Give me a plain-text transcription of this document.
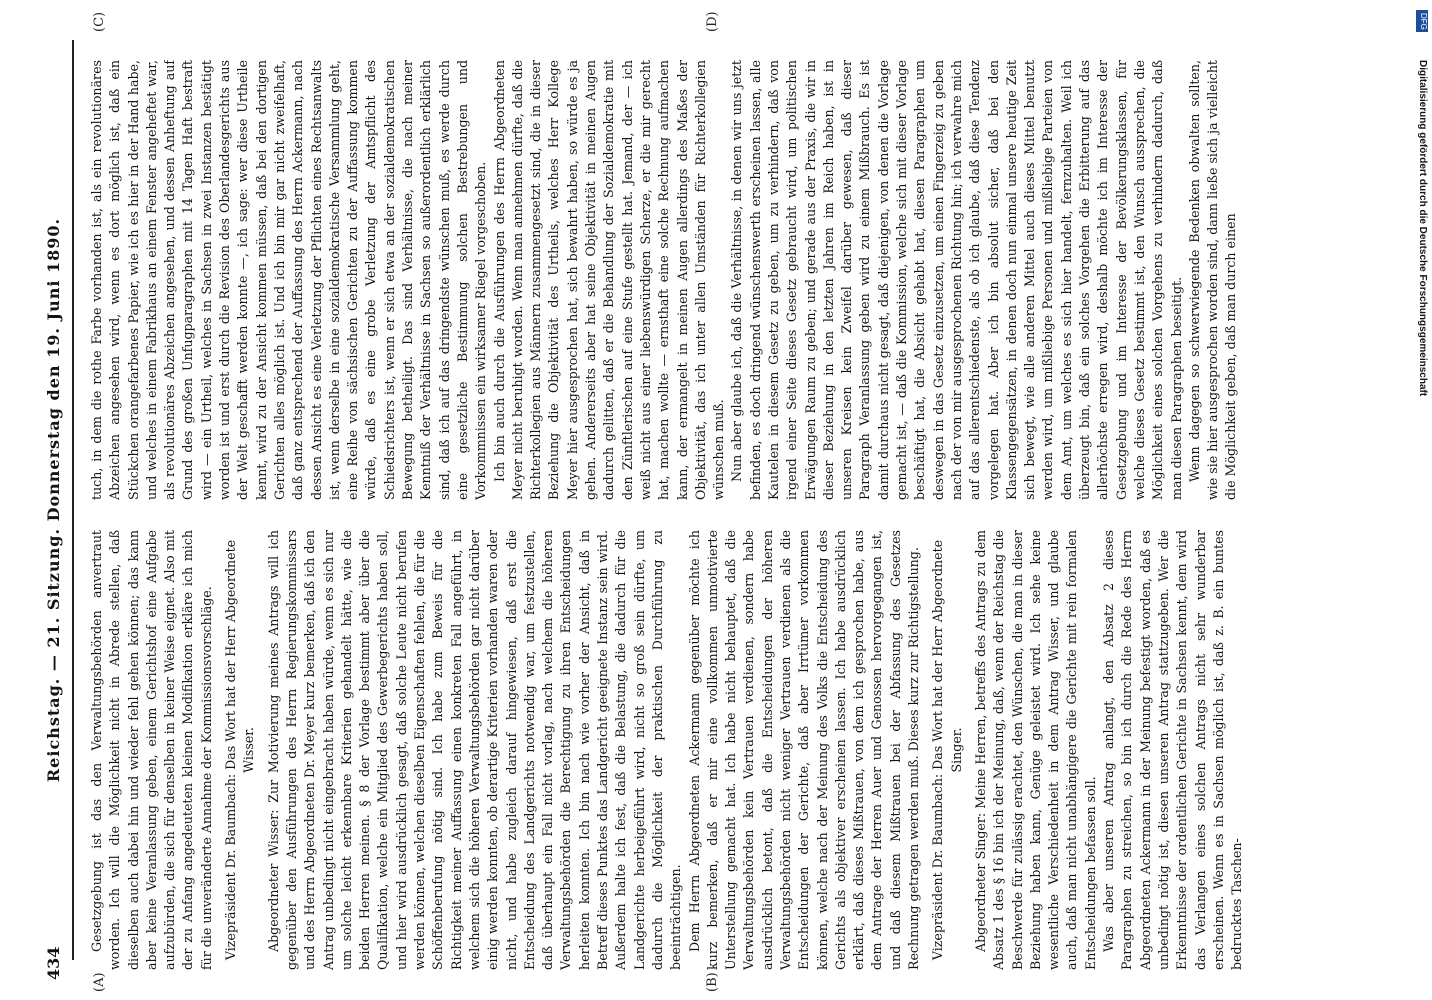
434
Reichstag. — 21. Sitzung. Donnerstag den 19. Juni 1890.
(A)	(B)
(C)	(D)

Gesetzgebung ist das den Verwaltungsbehörden anvertraut worden. Ich will die Möglichkeit nicht in Abrede stellen, daß dieselben auch dabei hin und wieder fehl gehen können; das kann aber keine Veranlassung geben, einem Gerichtshof eine Aufgabe aufzubürden, die sich für denselben in keiner Weise eignet. Also mit der zu Anfang angedeuteten kleinen Modifikation erkläre ich mich für die unveränderte Annahme der Kommissionsvorschläge. Vizepräsident Dr. Baumbach: Das Wort hat der Herr Abgeordnete Wisser. Abgeordneter Wisser: Zur Motivierung meines Antrags will ich gegenüber den Ausführungen des Herrn Regierungskommissars und des Herrn Abgeordneten Dr. Meyer kurz bemerken, daß ich den Antrag unbedingt nicht eingebracht haben würde, wenn es sich nur um solche leicht erkennbare Kriterien gehandelt hätte, wie die beiden Herren meinen. § 8 der Vorlage bestimmt aber über die Qualifikation, welche ein Mitglied des Gewerbegerichts haben soll, und hier wird ausdrücklich gesagt, daß solche Leute nicht berufen werden können, welchen dieselben Eigenschaften fehlen, die für die Schöffenberufung nötig sind. Ich habe zum Beweis für die Richtigkeit meiner Auffassung einen konkreten Fall angeführt, in welchem sich die höheren Verwaltungsbehörden gar nicht darüber einig werden konnten, ob derartige Kriterien vorhanden waren oder nicht, und habe zugleich darauf hingewiesen, daß erst die Entscheidung des Landgerichts notwendig war, um festzustellen, daß überhaupt ein Fall nicht vorlag, nach welchem die höheren Verwaltungsbehörden die Berechtigung zu ihren Entscheidungen herleiten konnten. Ich bin nach wie vorher der Ansicht, daß in Betreff dieses Punktes das Landgericht geeignete Instanz sein wird. Außerdem halte ich fest, daß die Belastung, die dadurch für die Landgerichte herbeigeführt wird, nicht so groß sein dürfte, um dadurch die Möglichkeit der praktischen Durchführung zu beeinträchtigen. Dem Herrn Abgeordneten Ackermann gegenüber möchte ich kurz bemerken, daß er mir eine vollkommen unmotivierte Unterstellung gemacht hat. Ich habe nicht behauptet, daß die Verwaltungsbehörden kein Vertrauen verdienen, sondern habe ausdrücklich betont, daß die Entscheidungen der höheren Verwaltungsbehörden nicht weniger Vertrauen verdienen als die Entscheidungen der Gerichte, daß aber Irrtümer vorkommen können, welche nach der Meinung des Volks die Entscheidung des Gerichts als objektiver erscheinen lassen. Ich habe ausdrücklich erklärt, daß dieses Mißtrauen, von dem ich gesprochen habe, aus dem Antrage der Herren Auer und Genossen hervorgegangen ist, und daß diesem Mißtrauen bei der Abfassung des Gesetzes Rechnung getragen werden muß. Dieses kurz zur Richtigstellung. Vizepräsident Dr. Baumbach: Das Wort hat der Herr Abgeordnete Singer. Abgeordneter Singer: Meine Herren, betreffs des Antrags zu dem Absatz 1 des § 16 bin ich der Meinung, daß, wenn der Reichstag die Beschwerde für zulässig erachtet, den Wünschen, die man in dieser Beziehung haben kann, Genüge geleistet wird. Ich sehe keine wesentliche Verschiedenheit in dem Antrag Wisser, und glaube auch, daß man nicht unabhängigere die Gerichte mit rein formalen Entscheidungen befassen soll. Was aber unseren Antrag anlangt, den Absatz 2 dieses Paragraphen zu streichen, so bin ich durch die Rede des Herrn Abgeordneten Ackermann in der Meinung befestigt worden, daß es unbedingt nötig ist, diesen unseren Antrag stattzugeben. Wer die Erkenntnisse der ordentlichen Gerichte in Sachsen kennt, dem wird das Verlangen eines solchen Antrags nicht sehr wunderbar erscheinen. Wenn es in Sachsen möglich ist, daß z. B. ein buntes bedrucktes Taschen-

tuch, in dem die rothe Farbe vorhanden ist, als ein revolutionäres Abzeichen angesehen wird, wenn es dort möglich ist, daß ein Stückchen orangefarbenes Papier, wie ich es hier in der Hand habe, und welches in einem Fabrikhaus an einem Fenster angeheftet war, als revolutionäres Abzeichen angesehen, und dessen Anheftung auf Grund des großen Unfugparagraphen mit 14 Tagen Haft bestraft wird — ein Urtheil, welches in Sachsen in zwei Instanzen bestätigt worden ist und erst durch die Revision des Oberlandesgerichts aus der Welt geschafft werden konnte —, ich sage: wer diese Urtheile kennt, wird zu der Ansicht kommen müssen, daß bei den dortigen Gerichten alles möglich ist. Und ich bin mir gar nicht zweifelhaft, daß ganz entsprechend der Auffassung des Herrn Ackermann, nach dessen Ansicht es eine Verletzung der Pflichten eines Rechtsanwalts ist, wenn derselbe in eine sozialdemokratische Versammlung geht, eine Reihe von sächsischen Gerichten zu der Auffassung kommen würde, daß es eine grobe Verletzung der Amtspflicht des Schiedsrichters ist, wenn er sich etwa an der sozialdemokratischen Bewegung betheiligt. Das sind Verhältnisse, die nach meiner Kenntniß der Verhältnisse in Sachsen so außerordentlich erklärlich sind, daß ich auf das dringendste wünschen muß, es werde durch eine gesetzliche Bestimmung solchen Bestrebungen und Vorkommnissen ein wirksamer Riegel vorgeschoben. Ich bin auch durch die Ausführungen des Herrn Abgeordneten Meyer nicht beruhigt worden. Wenn man annehmen dürfte, daß die Richterkollegien aus Männern zusammengesetzt sind, die in dieser Beziehung die Objektivität des Urtheils, welches Herr Kollege Meyer hier ausgesprochen hat, sich bewahrt haben, so würde es ja gehen. Andererseits aber hat seine Objektivität in meinen Augen dadurch gelitten, daß er die Behandlung der Sozialdemokratie mit den Zünftlerischen auf eine Stufe gestellt hat. Jemand, der — ich weiß nicht aus einer liebenswürdigen Scherze, er die mir gerecht hat, machen wollte — ernsthaft eine solche Rechnung aufmachen kann, der ermangelt in meinen Augen allerdings des Maßes der Objektivität, das ich unter allen Umständen für Richterkollegien wünschen muß. Nun aber glaube ich, daß die Verhältnisse, in denen wir uns jetzt befinden, es doch dringend wünschenswerth erscheinen lassen, alle Kautelen in diesem Gesetz zu geben, um zu verhindern, daß von irgend einer Seite dieses Gesetz gebraucht wird, um politischen Erwägungen Raum zu geben; und gerade aus der Praxis, die wir in dieser Beziehung in den letzten Jahren im Reich haben, ist in unseren Kreisen kein Zweifel darüber gewesen, daß dieser Paragraph Veranlassung geben wird zu einem Mißbrauch. Es ist damit durchaus nicht gesagt, daß diejenigen, von denen die Vorlage gemacht ist, — daß die Kommission, welche sich mit dieser Vorlage beschäftigt hat, die Absicht gehabt hat, diesen Paragraphen um deswegen in das Gesetz einzusetzen, um einen Fingerzeig zu geben nach der von mir ausgesprochenen Richtung hin; ich verwahre mich auf das allerentschiedenste, als ob ich glaube, daß diese Tendenz vorgelegen hat. Aber ich bin absolut sicher, daß bei den Klassengegensätzen, in denen doch nun einmal unsere heutige Zeit sich bewegt, wie alle anderen Mittel auch dieses Mittel benutzt werden wird, um mißliebige Personen und mißliebige Parteien von dem Amt, um welches es sich hier handelt, fernzuhalten. Weil ich überzeugt bin, daß ein solches Vorgehen die Erbitterung auf das allerhöchste erregen wird, deshalb möchte ich im Interesse der Gesetzgebung und im Interesse der Bevölkerungsklassen, für welche dieses Gesetz bestimmt ist, den Wunsch aussprechen, die Möglichkeit eines solchen Vorgehens zu verhindern dadurch, daß man diesen Paragraphen beseitigt. Wenn dagegen so schwerwiegende Bedenken obwalten sollten, wie sie hier ausgesprochen worden sind, dann ließe sich ja vielleicht die Möglichkeit geben, daß man durch einen	Digitalisierung gefördert durch die Deutsche Forschungsgemeinschaft
DFG
